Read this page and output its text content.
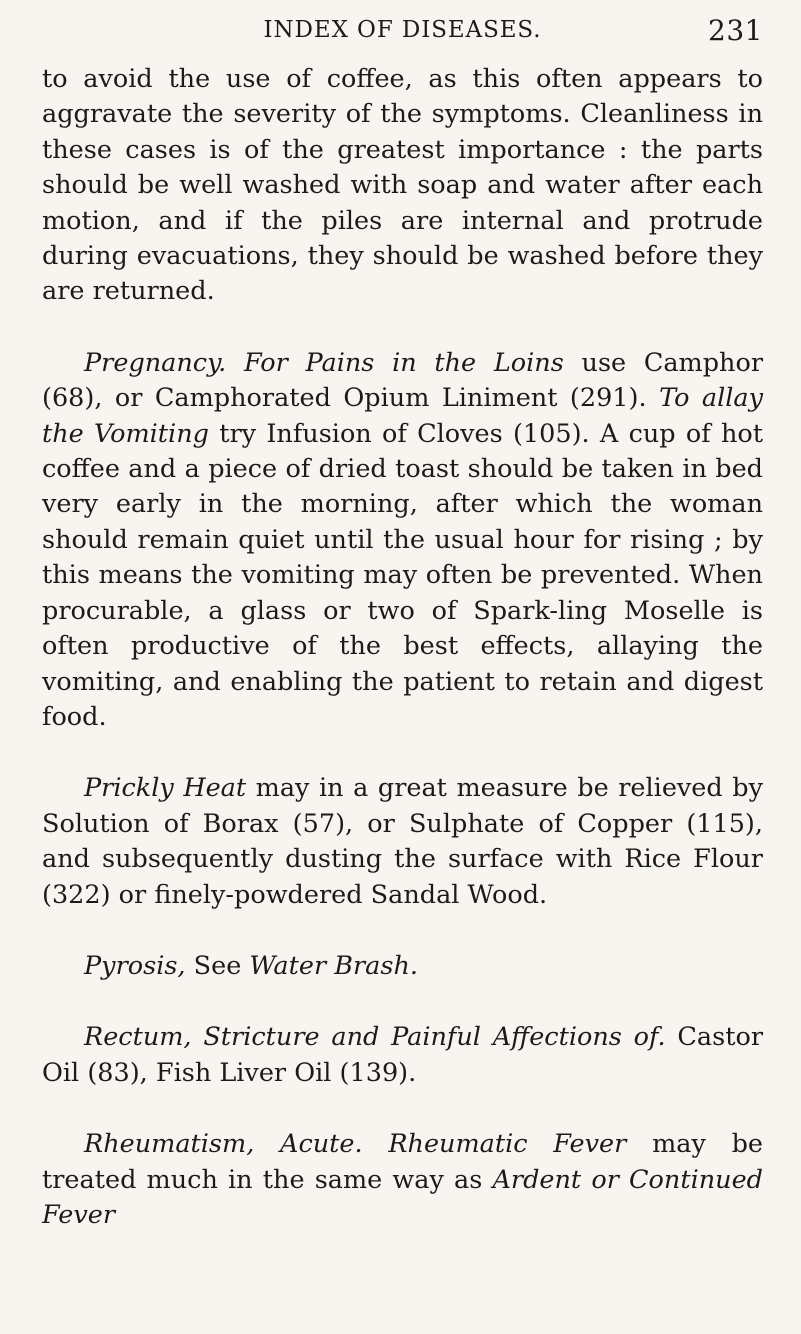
INDEX OF DISEASES.	231

to avoid the use of coffee, as this often appears to aggravate the severity of the symptoms. Cleanliness in these cases is of the greatest importance : the parts should be well washed with soap and water after each motion, and if the piles are internal and protrude during evacuations, they should be washed before they are returned.

Pregnancy. For Pains in the Loins use Camphor (68), or Camphorated Opium Liniment (291). To allay the Vomiting try Infusion of Cloves (105). A cup of hot coffee and a piece of dried toast should be taken in bed very early in the morning, after which the woman should remain quiet until the usual hour for rising ; by this means the vomiting may often be prevented. When procurable, a glass or two of Spark-ling Moselle is often productive of the best effects, allaying the vomiting, and enabling the patient to retain and digest food.

Prickly Heat may in a great measure be relieved by Solution of Borax (57), or Sulphate of Copper (115), and subsequently dusting the surface with Rice Flour (322) or finely-powdered Sandal Wood.

Pyrosis, See Water Brash.

Rectum, Stricture and Painful Affections of. Castor Oil (83), Fish Liver Oil (139).

Rheumatism, Acute. Rheumatic Fever may be treated much in the same way as Ardent or Continued Fever
